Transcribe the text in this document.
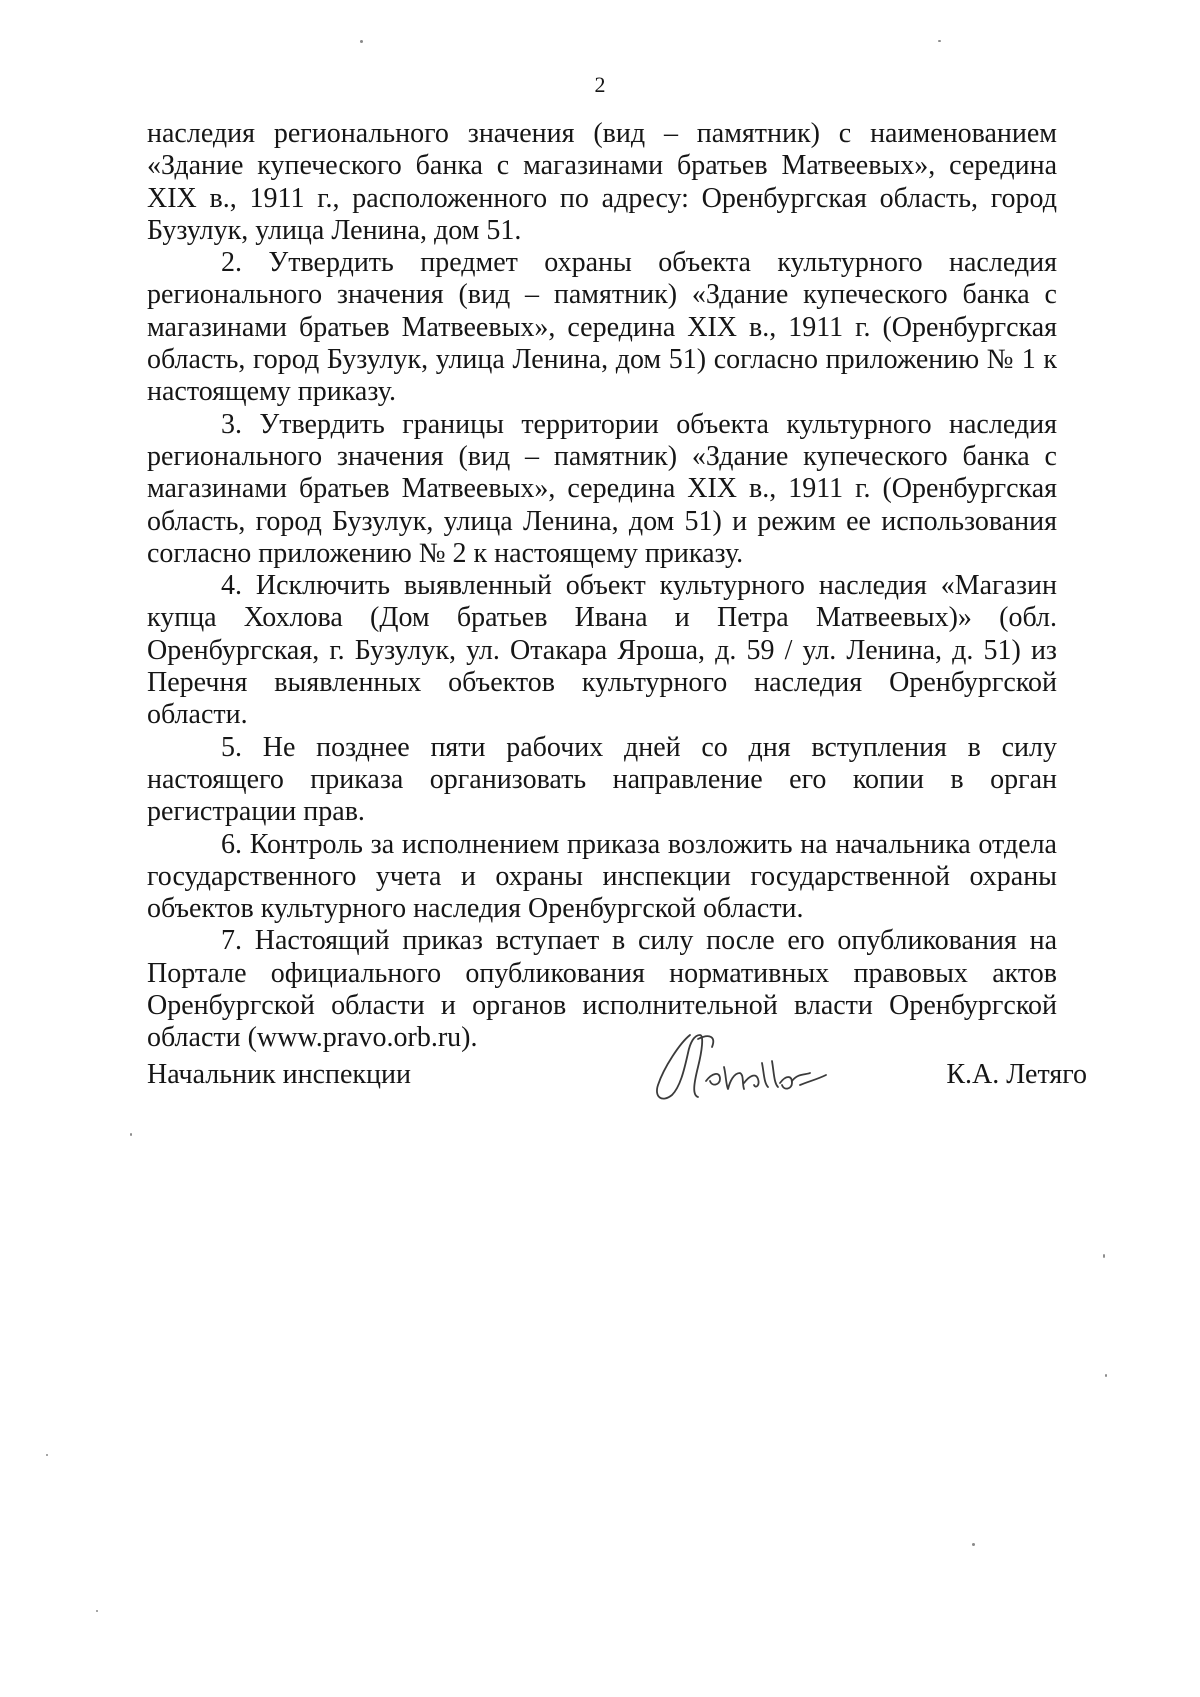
2

наследия регионального значения (вид – памятник) с наименованием «Здание купеческого банка с магазинами братьев Матвеевых», середина XIX в., 1911 г., расположенного по адресу: Оренбургская область, город Бузулук, улица Ленина, дом 51.

2. Утвердить предмет охраны объекта культурного наследия регионального значения (вид – памятник) «Здание купеческого банка с магазинами братьев Матвеевых», середина XIX в., 1911 г. (Оренбургская область, город Бузулук, улица Ленина, дом 51) согласно приложению № 1 к настоящему приказу.

3. Утвердить границы территории объекта культурного наследия регионального значения (вид – памятник) «Здание купеческого банка с магазинами братьев Матвеевых», середина XIX в., 1911 г. (Оренбургская область, город Бузулук, улица Ленина, дом 51) и режим ее использования согласно приложению № 2 к настоящему приказу.

4. Исключить выявленный объект культурного наследия «Магазин купца Хохлова (Дом братьев Ивана и Петра Матвеевых)» (обл. Оренбургская, г. Бузулук, ул. Отакара Яроша, д. 59 / ул. Ленина, д. 51) из Перечня выявленных объектов культурного наследия Оренбургской области.

5. Не позднее пяти рабочих дней со дня вступления в силу настоящего приказа организовать направление его копии в орган регистрации прав.

6. Контроль за исполнением приказа возложить на начальника отдела государственного учета и охраны инспекции государственной охраны объектов культурного наследия Оренбургской области.

7. Настоящий приказ вступает в силу после его опубликования на Портале официального опубликования нормативных правовых актов Оренбургской области и органов исполнительной власти Оренбургской области (www.pravo.orb.ru).

Начальник инспекции	К.А. Летяго
